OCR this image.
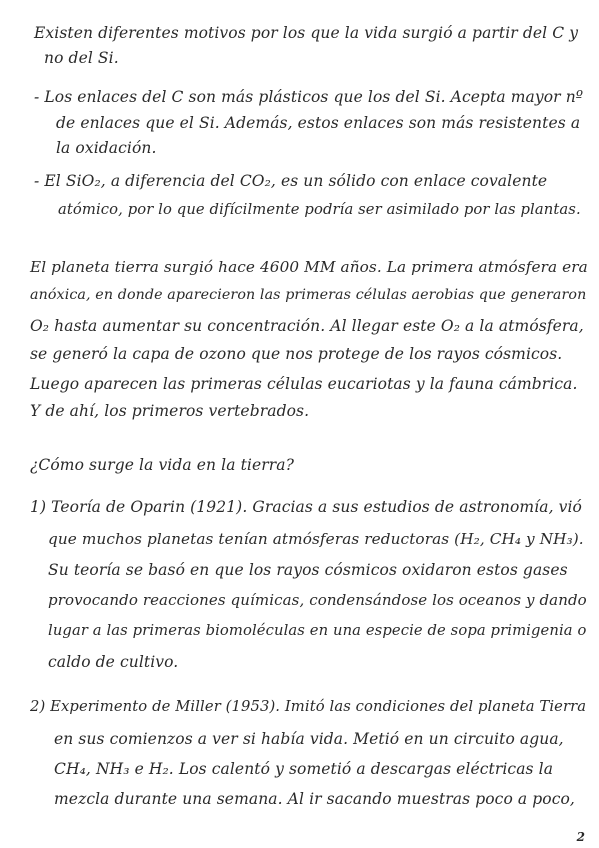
Existen diferentes motivos por los que la vida surgió a partir del C y
no del Si.
- Los enlaces del C son más plásticos que los del Si. Acepta mayor nº
de enlaces que el Si. Además, estos enlaces son más resistentes a
la oxidación.
- El SiO₂, a diferencia del CO₂, es un sólido con enlace covalente
atómico, por lo que difícilmente podría ser asimilado por las plantas.
El planeta tierra surgió hace 4600 MM años. La primera atmósfera era
anóxica, en donde aparecieron las primeras células aerobias que generaron
O₂ hasta aumentar su concentración. Al llegar este O₂ a la atmósfera,
se generó la capa de ozono que nos protege de los rayos cósmicos.
Luego aparecen las primeras células eucariotas y la fauna cámbrica.
Y de ahí, los primeros vertebrados.
¿Cómo surge la vida en la tierra?
1) Teoría de Oparin (1921). Gracias a sus estudios de astronomía, vió
que muchos planetas tenían atmósferas reductoras (H₂, CH₄ y NH₃).
Su teoría se basó en que los rayos cósmicos oxidaron estos gases
provocando reacciones químicas, condensándose los oceanos y dando
lugar a las primeras biomoléculas en una especie de sopa primigenia o
caldo de cultivo.
2) Experimento de Miller (1953). Imitó las condiciones del planeta Tierra
en sus comienzos a ver si había vida. Metió en un circuito agua,
CH₄, NH₃ e H₂. Los calentó y sometió a descargas eléctricas la
mezcla durante una semana. Al ir sacando muestras poco a poco,
2
